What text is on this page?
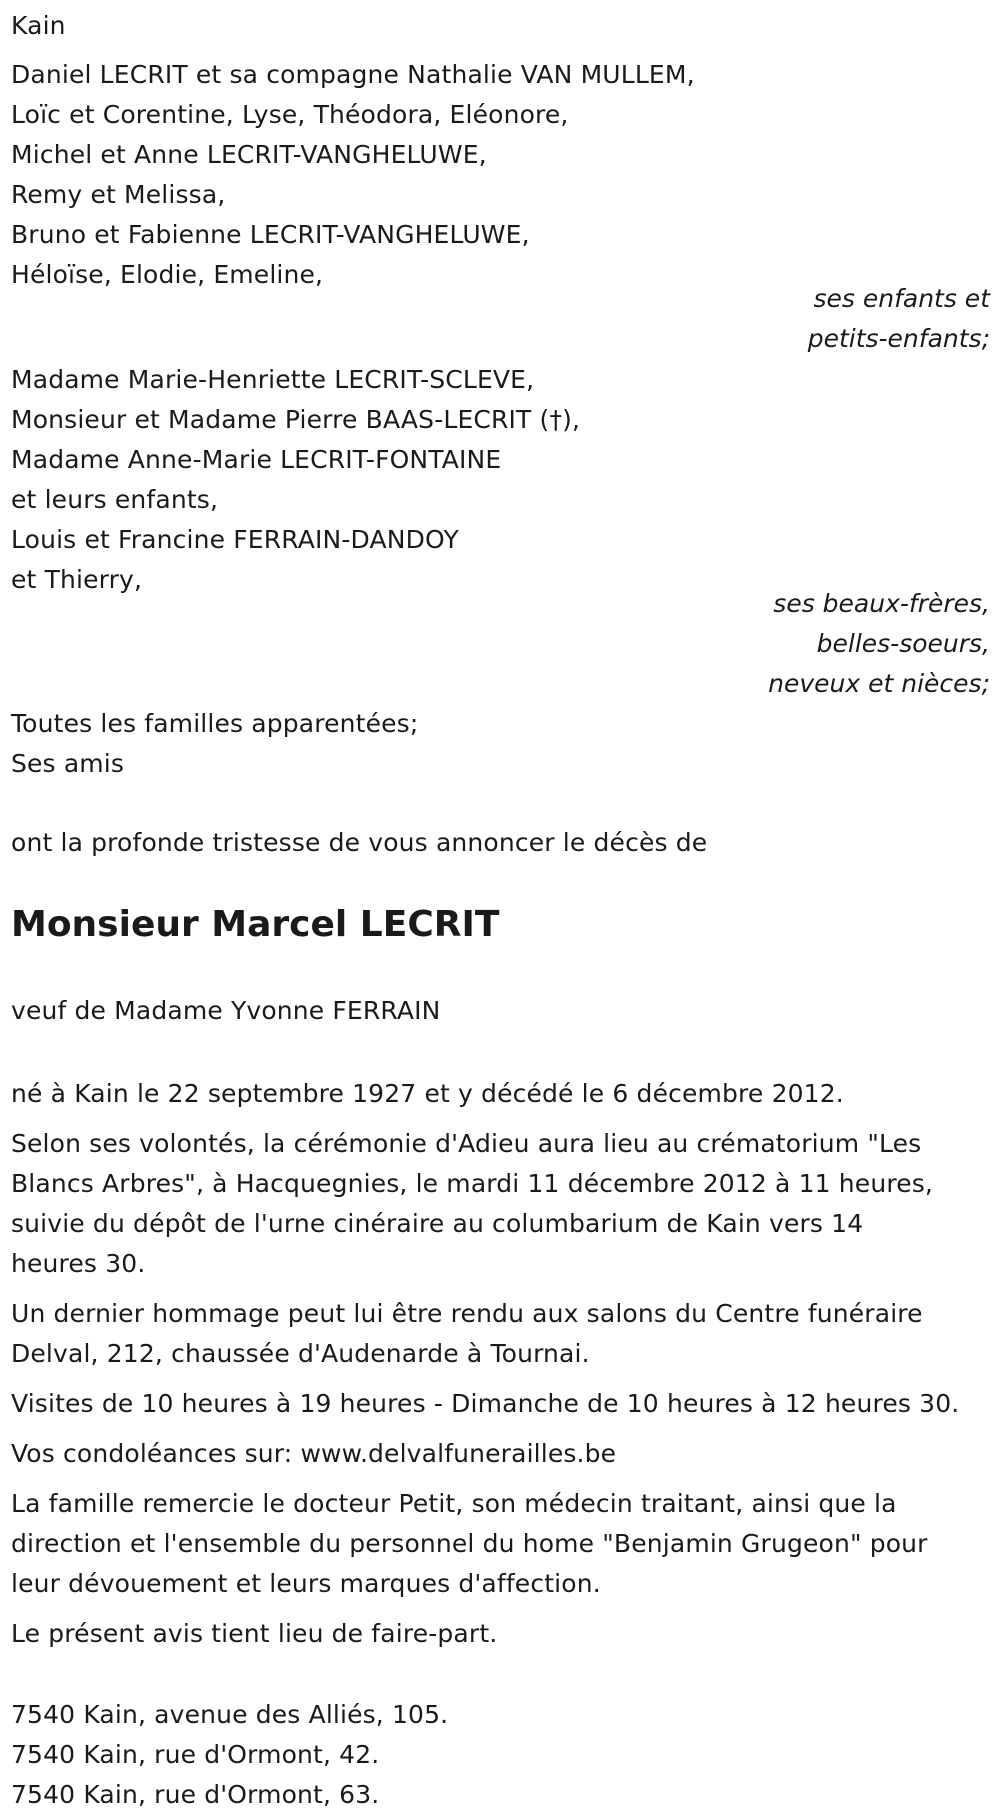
Kain
Daniel LECRIT et sa compagne Nathalie VAN MULLEM,
Loïc et Corentine, Lyse, Théodora, Eléonore,
Michel et Anne LECRIT-VANGHELUWE,
Remy et Melissa,
Bruno et Fabienne LECRIT-VANGHELUWE,
Héloïse, Elodie, Emeline,
ses enfants et
petits-enfants;
Madame Marie-Henriette LECRIT-SCLEVE,
Monsieur et Madame Pierre BAAS-LECRIT (†),
Madame Anne-Marie LECRIT-FONTAINE
et leurs enfants,
Louis et Francine FERRAIN-DANDOY
et Thierry,
ses beaux-frères,
belles-soeurs,
neveux et nièces;
Toutes les familles apparentées;
Ses amis
ont la profonde tristesse de vous annoncer le décès de
Monsieur Marcel LECRIT
veuf de Madame Yvonne FERRAIN
né à Kain le 22 septembre 1927 et y décédé le 6 décembre 2012.
Selon ses volontés, la cérémonie d'Adieu aura lieu au crématorium "Les
Blancs Arbres", à Hacquegnies, le mardi 11 décembre 2012 à 11 heures,
suivie du dépôt de l'urne cinéraire au columbarium de Kain vers 14
heures 30.
Un dernier hommage peut lui être rendu aux salons du Centre funéraire
Delval, 212, chaussée d'Audenarde à Tournai.
Visites de 10 heures à 19 heures - Dimanche de 10 heures à 12 heures 30.
Vos condoléances sur: www.delvalfunerailles.be
La famille remercie le docteur Petit, son médecin traitant, ainsi que la
direction et l'ensemble du personnel du home "Benjamin Grugeon" pour
leur dévouement et leurs marques d'affection.
Le présent avis tient lieu de faire-part.
7540 Kain, avenue des Alliés, 105.
7540 Kain, rue d'Ormont, 42.
7540 Kain, rue d'Ormont, 63.
